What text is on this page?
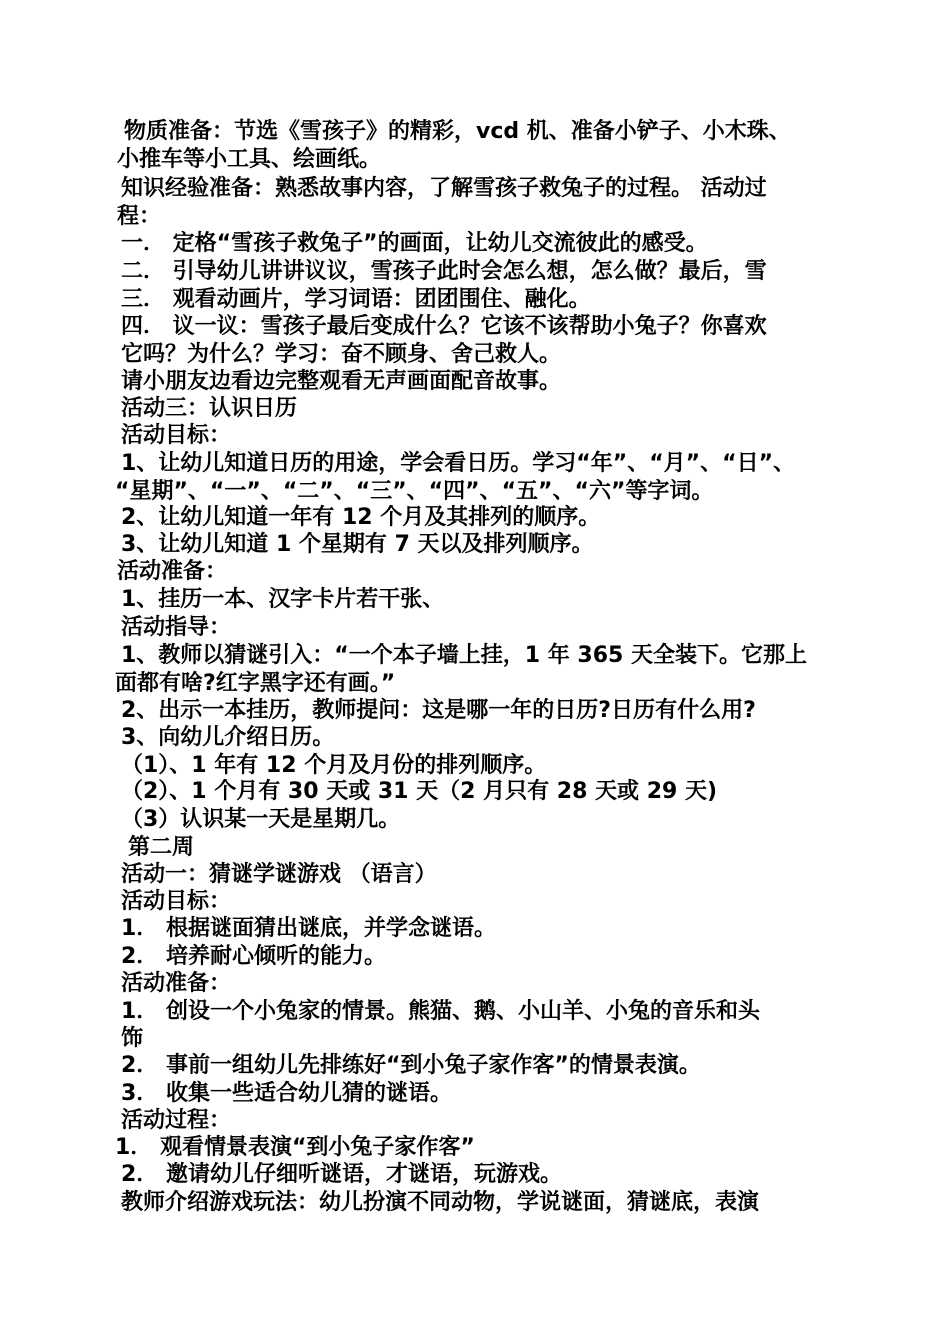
物质准备：节选《雪孩子》的精彩，vcd 机、准备小铲子、小木珠、
小推车等小工具、绘画纸。
知识经验准备：熟悉故事内容，了解雪孩子救兔子的过程。 活动过
程：
一． 定格“雪孩子救兔子”的画面，让幼儿交流彼此的感受。
二． 引导幼儿讲讲议议，雪孩子此时会怎么想，怎么做？最后，雪
三． 观看动画片，学习词语：团团围住、融化。
四． 议一议：雪孩子最后变成什么？它该不该帮助小兔子？你喜欢
它吗？为什么？学习：奋不顾身、舍己救人。
请小朋友边看边完整观看无声画面配音故事。
活动三：认识日历
活动目标：
1、让幼儿知道日历的用途，学会看日历。学习“年”、“月”、“日”、
“星期”、“一”、“二”、“三”、“四”、“五”、“六”等字词。
2、让幼儿知道一年有 12 个月及其排列的顺序。
3、让幼儿知道 1 个星期有 7 天以及排列顺序。
活动准备：
1、挂历一本、汉字卡片若干张、
活动指导：
1、教师以猜谜引入：“一个本子墙上挂，1 年 365 天全装下。它那上
面都有啥?红字黑字还有画。”
2、出示一本挂历，教师提问：这是哪一年的日历?日历有什么用?
3、向幼儿介绍日历。
（1）、1 年有 12 个月及月份的排列顺序。
（2）、1 个月有 30 天或 31 天（2 月只有 28 天或 29 天)
（3）认识某一天是星期几。
第二周
活动一：猜谜学谜游戏 （语言）
活动目标：
1． 根据谜面猜出谜底，并学念谜语。
2． 培养耐心倾听的能力。
活动准备：
1． 创设一个小兔家的情景。熊猫、鹅、小山羊、小兔的音乐和头
饰
2． 事前一组幼儿先排练好“到小兔子家作客”的情景表演。
3． 收集一些适合幼儿猜的谜语。
活动过程：
1． 观看情景表演“到小兔子家作客”
2． 邀请幼儿仔细听谜语，才谜语，玩游戏。
教师介绍游戏玩法：幼儿扮演不同动物，学说谜面，猜谜底，表演
